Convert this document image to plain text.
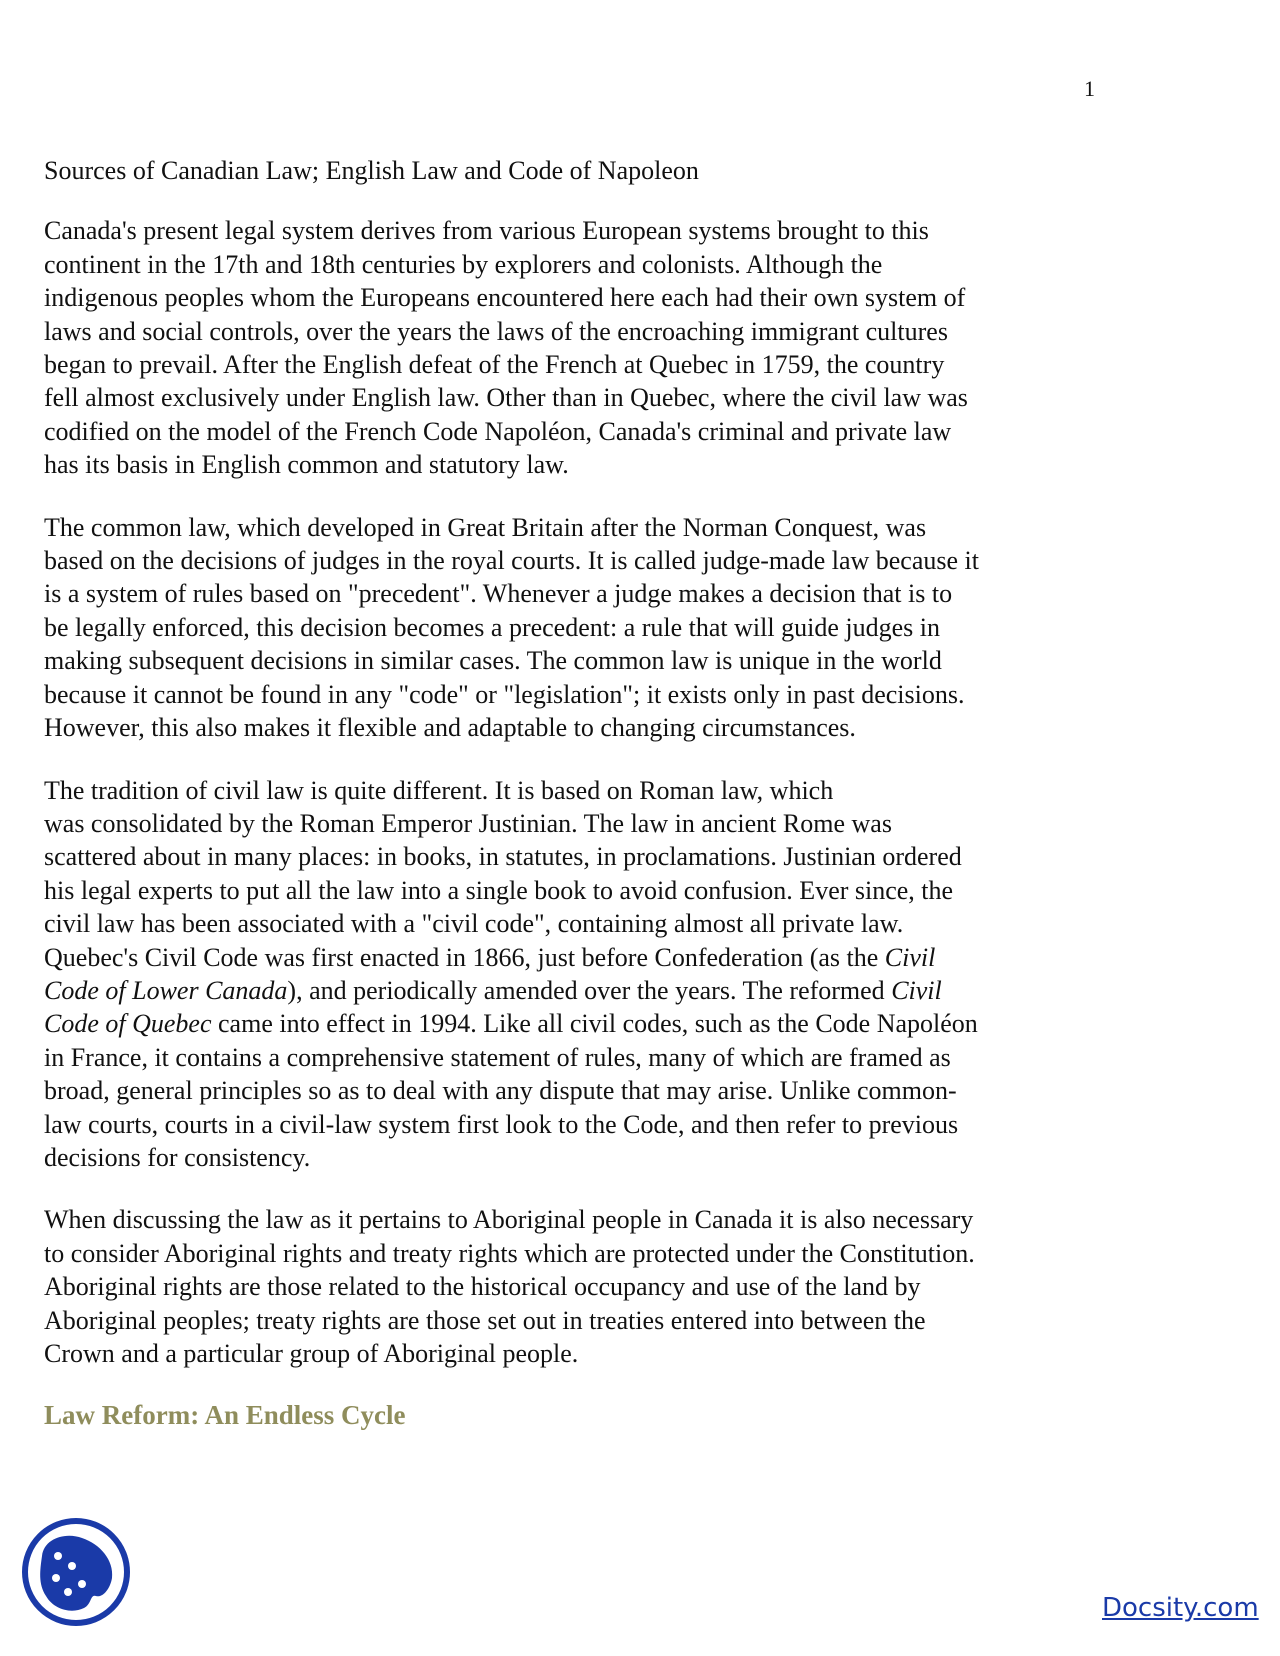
1
Sources of Canadian Law; English Law and Code of Napoleon
Canada's present legal system derives from various European systems brought to this
continent in the 17th and 18th centuries by explorers and colonists. Although the
indigenous peoples whom the Europeans encountered here each had their own system of
laws and social controls, over the years the laws of the encroaching immigrant cultures
began to prevail. After the English defeat of the French at Quebec in 1759, the country
fell almost exclusively under English law. Other than in Quebec, where the civil law was
codified on the model of the French Code Napoléon, Canada's criminal and private law
has its basis in English common and statutory law.
The common law, which developed in Great Britain after the Norman Conquest, was
based on the decisions of judges in the royal courts. It is called judge-made law because it
is a system of rules based on "precedent". Whenever a judge makes a decision that is to
be legally enforced, this decision becomes a precedent: a rule that will guide judges in
making subsequent decisions in similar cases. The common law is unique in the world
because it cannot be found in any "code" or "legislation"; it exists only in past decisions.
However, this also makes it flexible and adaptable to changing circumstances.
The tradition of civil law is quite different. It is based on Roman law, which
was consolidated by the Roman Emperor Justinian. The law in ancient Rome was
scattered about in many places: in books, in statutes, in proclamations. Justinian ordered
his legal experts to put all the law into a single book to avoid confusion. Ever since, the
civil law has been associated with a "civil code", containing almost all private law.
Quebec's Civil Code was first enacted in 1866, just before Confederation (as the Civil
Code of Lower Canada), and periodically amended over the years. The reformed Civil
Code of Quebec came into effect in 1994. Like all civil codes, such as the Code Napoléon
in France, it contains a comprehensive statement of rules, many of which are framed as
broad, general principles so as to deal with any dispute that may arise. Unlike common-
law courts, courts in a civil-law system first look to the Code, and then refer to previous
decisions for consistency.
When discussing the law as it pertains to Aboriginal people in Canada it is also necessary
to consider Aboriginal rights and treaty rights which are protected under the Constitution.
Aboriginal rights are those related to the historical occupancy and use of the land by
Aboriginal peoples; treaty rights are those set out in treaties entered into between the
Crown and a particular group of Aboriginal people.
Law Reform: An Endless Cycle
Docsity.com
